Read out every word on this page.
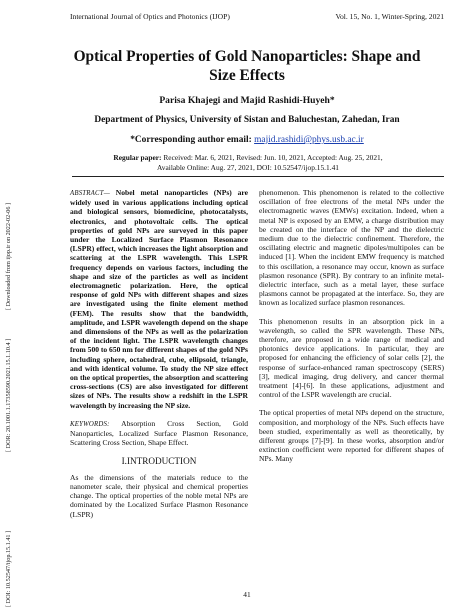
International Journal of Optics and Photonics (IJOP)	Vol. 15, No. 1, Winter-Spring, 2021
Optical Properties of Gold Nanoparticles: Shape and Size Effects
Parisa Khajegi and Majid Rashidi-Huyeh*
Department of Physics, University of Sistan and Baluchestan, Zahedan, Iran
*Corresponding author email: majid.rashidi@phys.usb.ac.ir
Regular paper: Received: Mar. 6, 2021, Revised: Jun. 10, 2021, Accepted: Aug. 25, 2021,
Available Online: Aug. 27, 2021, DOI: 10.52547/ijop.15.1.41

ABSTRACT— Nobel metal nanoparticles (NPs) are widely used in various applications including optical and biological sensors, biomedicine, photocatalysts, electronics, and photovoltaic cells. The optical properties of gold NPs are surveyed in this paper under the Localized Surface Plasmon Resonance (LSPR) effect, which increases the light absorption and scattering at the LSPR wavelength. This LSPR frequency depends on various factors, including the shape and size of the particles as well as incident electromagnetic polarization. Here, the optical response of gold NPs with different shapes and sizes are investigated using the finite element method (FEM). The results show that the bandwidth, amplitude, and LSPR wavelength depend on the shape and dimensions of the NPs as well as the polarization of the incident light. The LSPR wavelength changes from 500 to 650 nm for different shapes of the gold NPs including sphere, octahedral, cube, ellipsoid, triangle, and with identical volume. To study the NP size effect on the optical properties, the absorption and scattering cross-sections (CS) are also investigated for different sizes of NPs. The results show a redshift in the LSPR wavelength by increasing the NP size.

KEYWORDS: Absorption Cross Section, Gold Nanoparticles, Localized Surface Plasmon Resonance, Scattering Cross Section, Shape Effect.

I.INTRODUCTION

As the dimensions of the materials reduce to the nanometer scale, their physical and chemical properties change. The optical properties of the noble metal NPs are dominated by the Localized Surface Plasmon Resonance (LSPR)

phenomenon. This phenomenon is related to the collective oscillation of free electrons of the metal NPs under the electromagnetic waves (EMWs) excitation. Indeed, when a metal NP is exposed by an EMW, a charge distribution may be created on the interface of the NP and the dielectric medium due to the dielectric confinement. Therefore, the oscillating electric and magnetic dipoles/multipoles can be induced [1]. When the incident EMW frequency is matched to this oscillation, a resonance may occur, known as surface plasmon resonance (SPR). By contrary to an infinite metal-dielectric interface, such as a metal layer, these surface plasmons cannot be propagated at the interface. So, they are known as localized surface plasmon resonances.

This phenomenon results in an absorption pick in a wavelength, so called the SPR wavelength. These NPs, therefore, are proposed in a wide range of medical and photonics device applications. In particular, they are proposed for enhancing the efficiency of solar cells [2], the response of surface-enhanced raman spectroscopy (SERS) [3], medical imaging, drug delivery, and cancer thermal treatment [4]-[6]. In these applications, adjustment and control of the LSPR wavelength are crucial.

The optical properties of metal NPs depend on the structure, composition, and morphology of the NPs. Such effects have been studied, experimentally as well as theoretically, by different groups [7]-[9]. In these works, absorption and/or extinction coefficient were reported for different shapes of NPs. Many

41
[ Downloaded from ijop.ir on 2022-02-06 ]
[ DOR: 20.1001.1.17358590.2021.15.1.10.4 ]
[ DOI: 10.52547/ijop.15.1.41 ]
